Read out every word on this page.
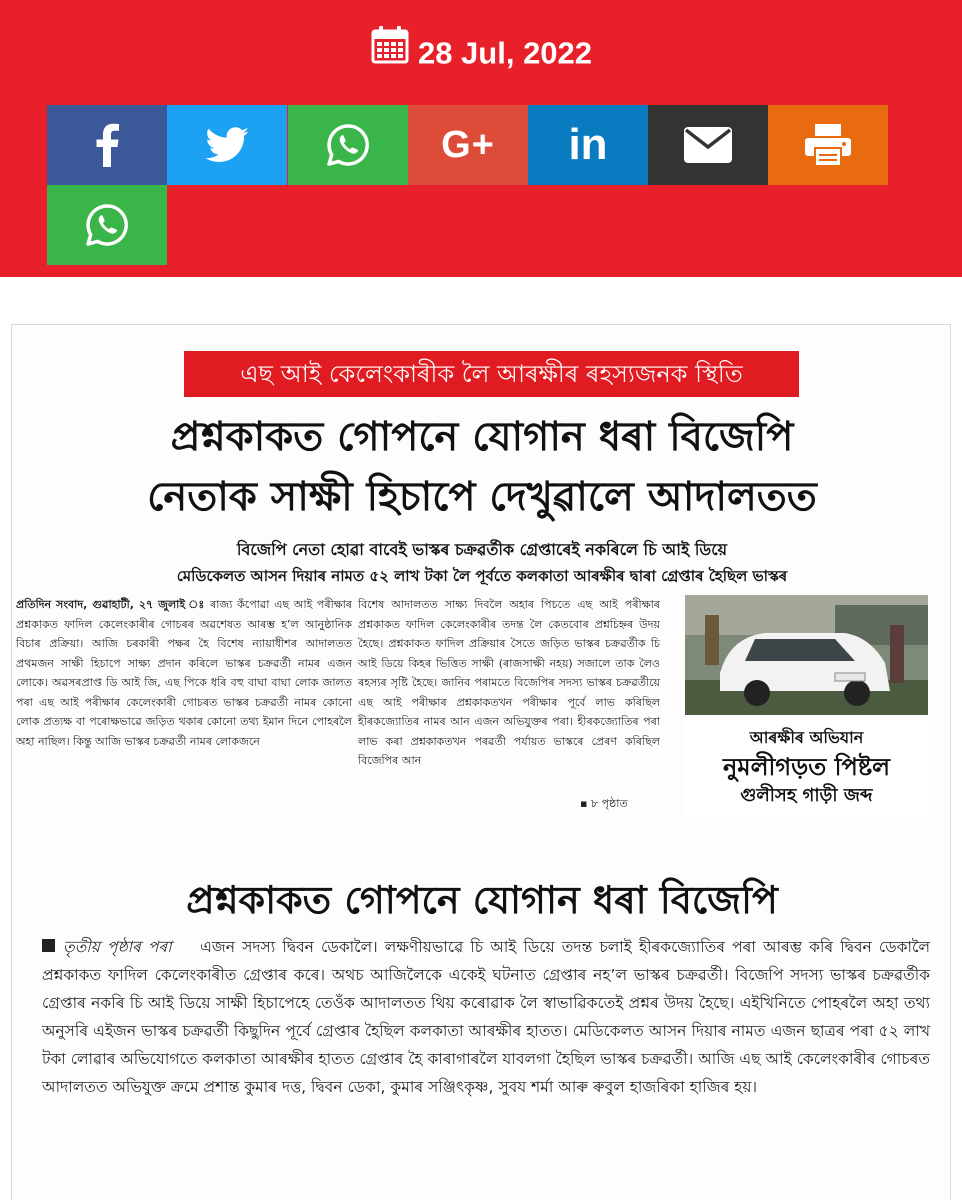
28 Jul, 2022
G+ in
এছ আই কেলেংকাৰীক লৈ আৰক্ষীৰ ৰহস্যজনক স্থিতি
প্ৰশ্নকাকত গোপনে যোগান ধৰা বিজেপি
নেতাক সাক্ষী হিচাপে দেখুৱালে আদালতত
বিজেপি নেতা হোৱা বাবেই ভাস্কৰ চক্ৰৱৰ্তীক গ্ৰেপ্তাৰেই নকৰিলে চি আই ডিয়ে
মেডিকেলত আসন দিয়াৰ নামত ৫২ লাখ টকা লৈ পূৰ্বতে কলকাতা আৰক্ষীৰ দ্বাৰা গ্ৰেপ্তাৰ হৈছিল ভাস্কৰ
প্ৰতিদিন সংবাদ, গুৱাহাটী, ২৭ জুলাই ঃ ৰাজ্য কঁপোৱা এছ আই পৰীক্ষাৰ প্ৰশ্নকাকত ফাদিল কেলেংকাৰীৰ গোচৰৰ অৱশেষত আৰম্ভ হ’ল আনুষ্ঠানিক বিচাৰ প্ৰক্ৰিয়া। আজি চৰকাৰী পক্ষৰ হৈ বিশেষ ন্যায়াধীশৰ আদালতত প্ৰথমজন সাক্ষী হিচাপে সাক্ষ্য প্ৰদান কৰিলে ভাস্কৰ চক্ৰৱৰ্তী নামৰ এজন লোকে। অৱসৰপ্ৰাপ্ত ডি আই জি, এছ পিকে ধৰি বহু বাঘা বাঘা লোক জালত পৰা এছ আই পৰীক্ষাৰ কেলেংকাৰী গোচৰত ভাস্কৰ চক্ৰৱৰ্তী নামৰ কোনো লোক প্ৰত্যক্ষ বা পৰোক্ষভাৱে জড়িত থকাৰ কোনো তথ্য ইমান দিনে পোহৰলৈ অহা নাছিল। কিন্তু আজি ভাস্কৰ চক্ৰৱৰ্তী নামৰ লোকজনে
বিশেষ আদালতত সাক্ষ্য দিবলৈ অহাৰ পিচতে এছ আই পৰীক্ষাৰ প্ৰশ্নকাকত ফাদিল কেলেংকাৰীৰ তদন্ত লৈ কেতবোৰ প্ৰশ্নচিহ্নৰ উদয় হৈছে। প্ৰশ্নকাকত ফাদিল প্ৰক্ৰিয়াৰ সৈতে জড়িত ভাস্কৰ চক্ৰৱৰ্তীক চি আই ডিয়ে কিহৰ ভিত্তিত সাক্ষী (ৰাজসাক্ষী নহয়) সজালে তাক লৈও ৰহস্যৰ সৃষ্টি হৈছে। জানিব পৰামতে বিজেপিৰ সদস্য ভাস্কৰ চক্ৰৱৰ্তীয়ে এছ আই পৰীক্ষাৰ প্ৰশ্নকাকতখন পৰীক্ষাৰ পূৰ্বে লাভ কৰিছিল হীৰকজ্যোতিৰ নামৰ আন এজন অভিযুক্তৰ পৰা। হীৰকজ্যোতিৰ পৰা লাভ কৰা প্ৰশ্নকাকতখন পৰৱৰ্তী পৰ্যায়ত ভাস্কৰে প্ৰেৰণ কৰিছিল বিজেপিৰ আন
▪ ৮ পৃষ্ঠাত
আৰক্ষীৰ অভিযান
নুমলীগড়ত পিষ্টল
গুলীসহ গাড়ী জব্দ
প্ৰশ্নকাকত গোপনে যোগান ধৰা বিজেপি
তৃতীয় পৃষ্ঠাৰ পৰা এজন সদস্য দ্বিবন ডেকালৈ। লক্ষণীয়ভাৱে চি আই ডিয়ে তদন্ত চলাই হীৰকজ্যোতিৰ পৰা আৰম্ভ কৰি দ্বিবন ডেকালৈ প্ৰশ্নকাকত ফাদিল কেলেংকাৰীত গ্ৰেপ্তাৰ কৰে। অথচ আজিলৈকে একেই ঘটনাত গ্ৰেপ্তাৰ নহ’ল ভাস্কৰ চক্ৰৱৰ্তী। বিজেপি সদস্য ভাস্কৰ চক্ৰৱৰ্তীক গ্ৰেপ্তাৰ নকৰি চি আই ডিয়ে সাক্ষী হিচাপেহে তেওঁক আদালতত থিয় কৰোৱাক লৈ স্বাভাৱিকতেই প্ৰশ্নৰ উদয় হৈছে। এইখিনিতে পোহৰলৈ অহা তথ্য অনুসৰি এইজন ভাস্কৰ চক্ৰৱৰ্তী কিছুদিন পূৰ্বে গ্ৰেপ্তাৰ হৈছিল কলকাতা আৰক্ষীৰ হাতত। মেডিকেলত আসন দিয়াৰ নামত এজন ছাত্ৰৰ পৰা ৫২ লাখ টকা লোৱাৰ অভিযোগতে কলকাতা আৰক্ষীৰ হাতত গ্ৰেপ্তাৰ হৈ কাৰাগাৰলৈ যাবলগা হৈছিল ভাস্কৰ চক্ৰৱৰ্তী। আজি এছ আই কেলেংকাৰীৰ গোচৰত আদালতত অভিযুক্ত ক্ৰমে প্ৰশান্ত কুমাৰ দত্ত, দ্বিবন ডেকা, কুমাৰ সঞ্জিৎকৃষ্ণ, সুবয শৰ্মা আৰু ৰুবুল হাজৰিকা হাজিৰ হয়।
